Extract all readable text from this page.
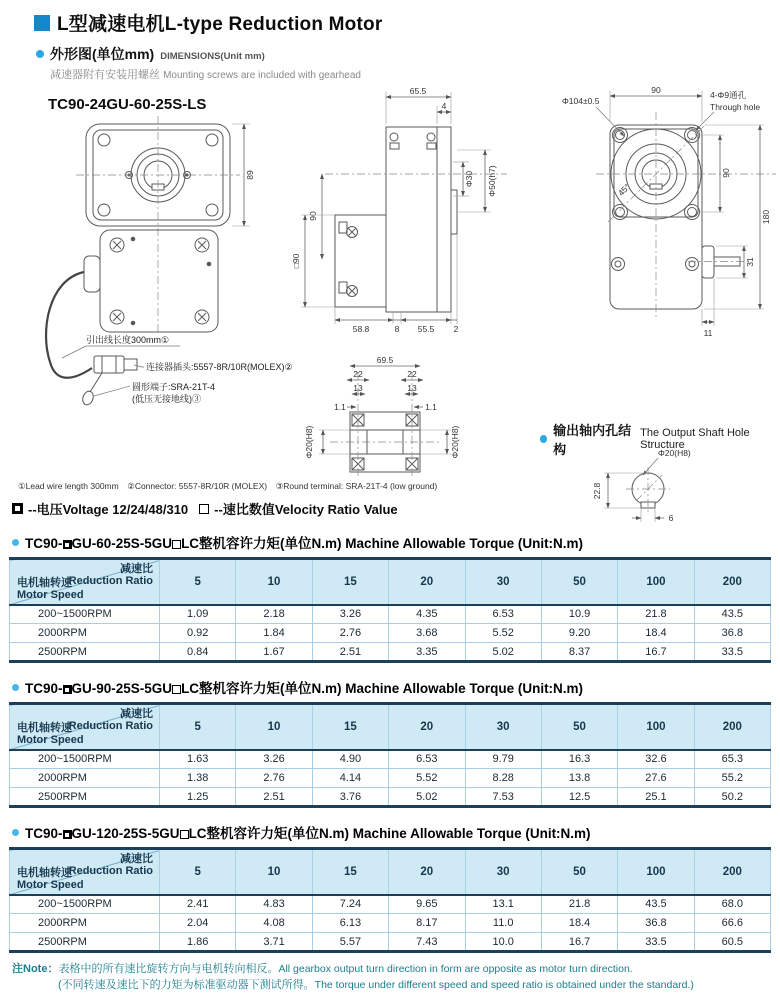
L型减速电机L-type Reduction Motor
外形图(单位mm) DIMENSIONS(Unit mm)
减速器附有安装用螺丝 Mounting screws are included with gearhead
TC90-24GU-60-25S-LS
89
引出线长度300mm①
连接器插头:5557-8R/10R(MOLEX)②
圆形端子:SRA-21T-4
(低压无接地线)③
65.5
4
Φ30 Φ50(h7)
90
□90
58.8	8 55.5 2
69.5
22	22
13	13
1.1	1.1
Φ20(H8)	Φ20(H8)
45°
Φ104±0.5
90	4-Φ9通孔
Through hole
90
180
31
11
输出轴内孔结构
The Output Shaft Hole Structure
Φ20(H8)
22.8
6
①Lead wire length 300mm　②Connector: 5557-8R/10R (MOLEX)　③Round terminal: SRA-21T-4 (low ground)
--电压Voltage 12/24/48/310 --速比数值Velocity Ratio Value
TC90- GU-60-25S-5GU LC整机容许力矩(单位N.m) Machine Allowable Torque (Unit:N.m)
减速比
Reduction Ratio
电机轴转速
Motor Speed	5	10	15	20	30	50	100	200
200~1500RPM	1.09	2.18	3.26	4.35	6.53	10.9	21.8	43.5
2000RPM	0.92	1.84	2.76	3.68	5.52	9.20	18.4	36.8
2500RPM	0.84	1.67	2.51	3.35	5.02	8.37	16.7	33.5
TC90- GU-90-25S-5GU LC整机容许力矩(单位N.m) Machine Allowable Torque (Unit:N.m)
减速比
Reduction Ratio
电机轴转速
Motor Speed	5	10	15	20	30	50	100	200
200~1500RPM	1.63	3.26	4.90	6.53	9.79	16.3	32.6	65.3
2000RPM	1.38	2.76	4.14	5.52	8.28	13.8	27.6	55.2
2500RPM	1.25	2.51	3.76	5.02	7.53	12.5	25.1	50.2
TC90- GU-120-25S-5GU LC整机容许力矩(单位N.m) Machine Allowable Torque (Unit:N.m)
减速比
Reduction Ratio
电机轴转速
Motor Speed	5	10	15	20	30	50	100	200
200~1500RPM	2.41	4.83	7.24	9.65	13.1	21.8	43.5	68.0
2000RPM	2.04	4.08	6.13	8.17	11.0	18.4	36.8	66.6
2500RPM	1.86	3.71	5.57	7.43	10.0	16.7	33.5	60.5
注Note：表格中的所有速比旋转方向与电机转向相反。All gearbox output turn direction in form are opposite as motor turn direction.
(不同转速及速比下的力矩为标准驱动器下测试所得。The torque under different speed and speed ratio is obtained under the standard.)
